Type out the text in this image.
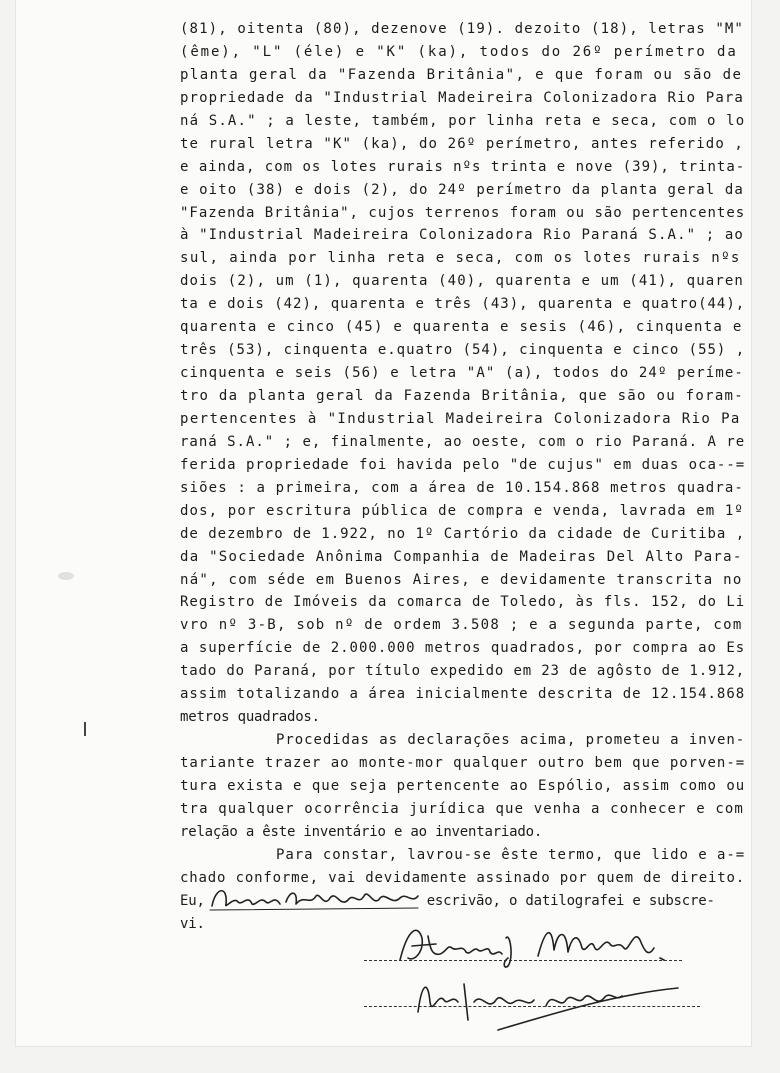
(81), oitenta (80), dezenove (19). dezoito (18), letras "M"
(ême), "L" (éle) e "K" (ka), todos do 26º perímetro da
planta geral da "Fazenda Britânia", e que foram ou são de
propriedade da "Industrial Madeireira Colonizadora Rio Para
ná S.A." ; a leste, também, por linha reta e seca, com o lo
te rural letra "K" (ka), do 26º perímetro, antes referido ,
e ainda, com os lotes rurais nºs trinta e nove (39), trinta-
e oito (38) e dois (2), do 24º perímetro da planta geral da
"Fazenda Britânia", cujos terrenos foram ou são pertencentes
à "Industrial Madeireira Colonizadora Rio Paraná S.A." ; ao
sul, ainda por linha reta e seca, com os lotes rurais nºs
dois (2), um (1), quarenta (40), quarenta e um (41), quaren
ta e dois (42), quarenta e três (43), quarenta e quatro(44),
quarenta e cinco (45) e quarenta e sesis (46), cinquenta e
três (53), cinquenta e.quatro (54), cinquenta e cinco (55) ,
cinquenta e seis (56) e letra "A" (a), todos do 24º períme-
tro da planta geral da Fazenda Britânia, que são ou foram-
pertencentes à "Industrial Madeireira Colonizadora Rio Pa
raná S.A." ; e, finalmente, ao oeste, com o rio Paraná. A re
ferida propriedade foi havida pelo "de cujus" em duas oca--=
siões : a primeira, com a área de 10.154.868 metros quadra-
dos, por escritura pública de compra e venda, lavrada em 1º
de dezembro de 1.922, no 1º Cartório da cidade de Curitiba ,
da "Sociedade Anônima Companhia de Madeiras Del Alto Para-
ná", com séde em Buenos Aires, e devidamente transcrita no
Registro de Imóveis da comarca de Toledo, às fls. 152, do Li
vro nº 3-B, sob nº de ordem 3.508 ; e a segunda parte, com
a superfície de 2.000.000 metros quadrados, por compra ao Es
tado do Paraná, por título expedido em 23 de agôsto de 1.912,
assim totalizando a área inicialmente descrita de 12.154.868
metros quadrados.
Procedidas as declarações acima, prometeu a inven-
tariante trazer ao monte-mor qualquer outro bem que porven-=
tura exista e que seja pertencente ao Espólio, assim como ou
tra qualquer ocorrência jurídica que venha a conhecer e com
relação a êste inventário e ao inventariado.
Para constar, lavrou-se êste termo, que lido e a-=
chado conforme, vai devidamente assinado por quem de direito.
Eu,	escrivão, o datilografei e subscre-
vi.
